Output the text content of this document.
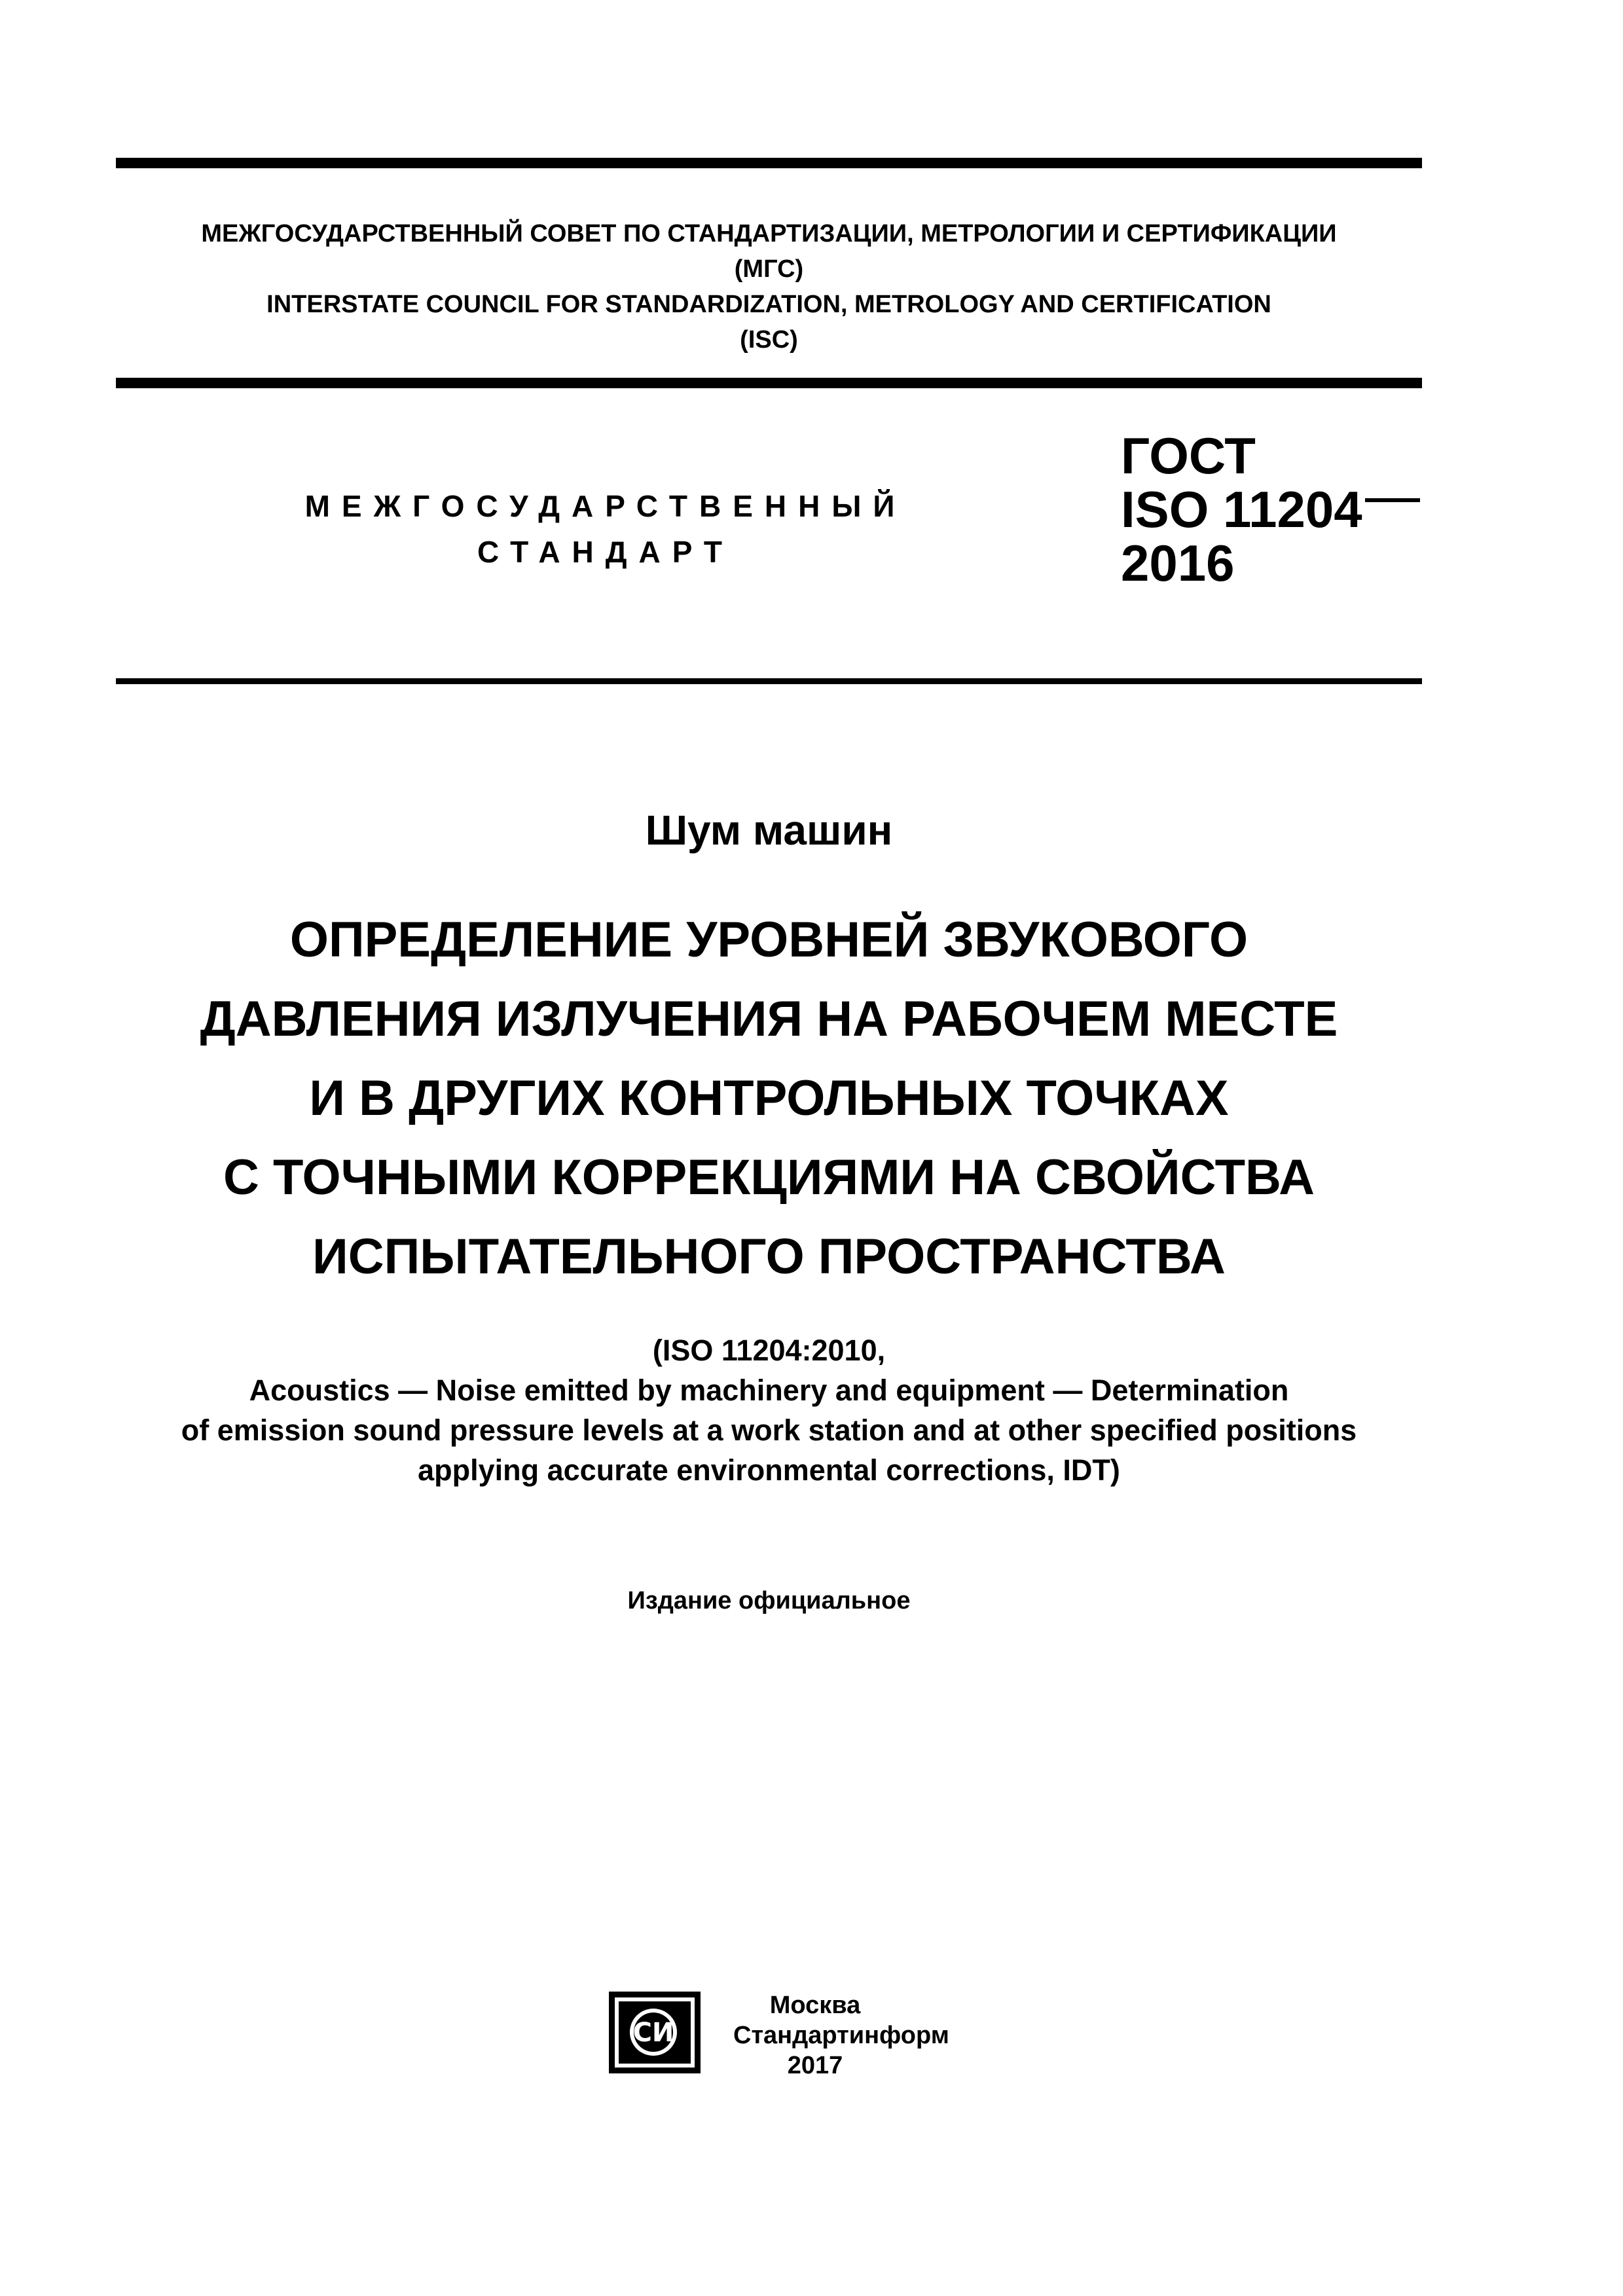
МЕЖГОСУДАРСТВЕННЫЙ СОВЕТ ПО СТАНДАРТИЗАЦИИ, МЕТРОЛОГИИ И СЕРТИФИКАЦИИ
(МГС)
INTERSTATE COUNCIL FOR STANDARDIZATION, METROLOGY AND CERTIFICATION
(ISC)
МЕЖГОСУДАРСТВЕННЫЙ
СТАНДАРТ
ГОСТ
ISO 11204
2016
Шум машин
ОПРЕДЕЛЕНИЕ УРОВНЕЙ ЗВУКОВОГО
ДАВЛЕНИЯ ИЗЛУЧЕНИЯ НА РАБОЧЕМ МЕСТЕ
И В ДРУГИХ КОНТРОЛЬНЫХ ТОЧКАХ
С ТОЧНЫМИ КОРРЕКЦИЯМИ НА СВОЙСТВА
ИСПЫТАТЕЛЬНОГО ПРОСТРАНСТВА
(ISO 11204:2010,
Acoustics — Noise emitted by machinery and equipment — Determination
of emission sound pressure levels at a work station and at other specified positions
applying accurate environmental corrections, IDT)
Издание официальное
СИ
Москва
Стандартинформ
2017
